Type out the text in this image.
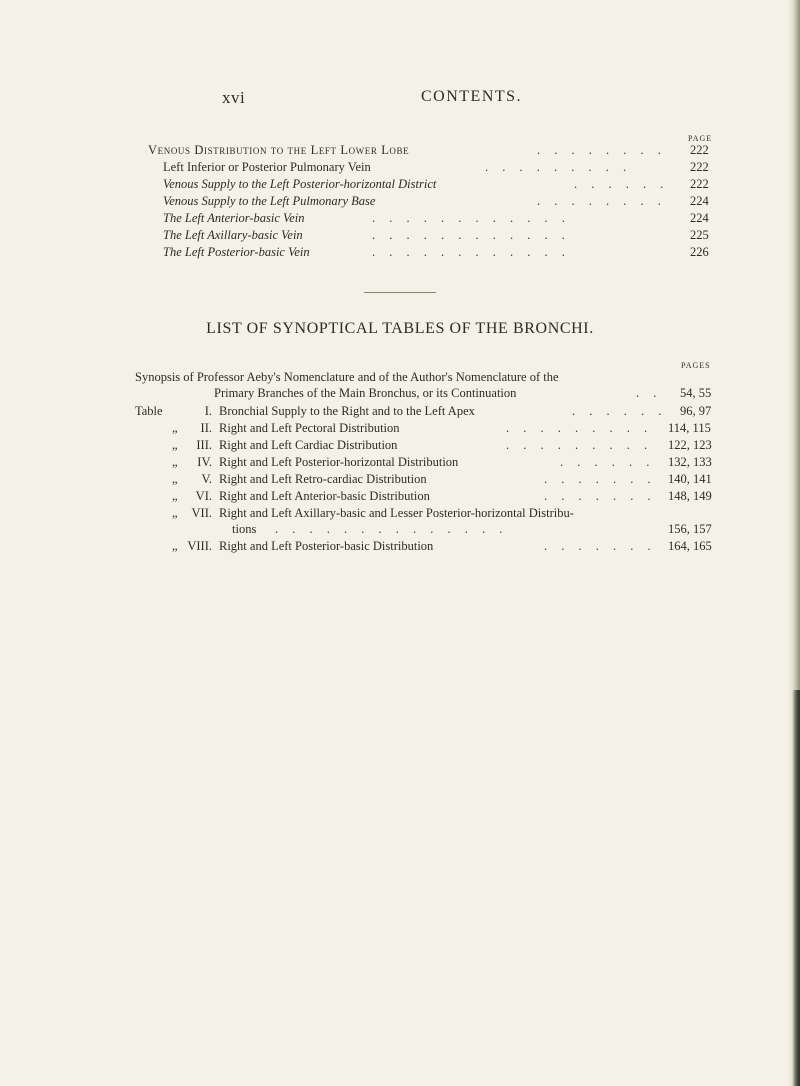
xvi	CONTENTS.
PAGE
Venous Distribution to the Left Lower Lobe	. . . . . . . . 222
Left Inferior or Posterior Pulmonary Vein	. . . . . . . . .	222
Venous Supply to the Left Posterior-horizontal District	. . . . . . 222
Venous Supply to the Left Pulmonary Base	. . . . . . . . 224
The Left Anterior-basic Vein	. . . . . . . . . . . .	224
The Left Axillary-basic Vein	. . . . . . . . . . . .	225
The Left Posterior-basic Vein	. . . . . . . . . . . .	226
LIST OF SYNOPTICAL TABLES OF THE BRONCHI.
PAGES
Synopsis of Professor Aeby's Nomenclature and of the Author's Nomenclature of the
Primary Branches of the Main Bronchus, or its Continuation	. . 54, 55
Table	I. Bronchial Supply to the Right and to the Left Apex	. . . . . . 96, 97
„ II. Right and Left Pectoral Distribution	. . . . . . . . . 114, 115
„ III. Right and Left Cardiac Distribution	. . . . . . . . . 122, 123
„ IV. Right and Left Posterior-horizontal Distribution	. . . . . . 132, 133
„ V. Right and Left Retro-cardiac Distribution	. . . . . . . 140, 141
„ VI. Right and Left Anterior-basic Distribution	. . . . . . . 148, 149
„ VII. Right and Left Axillary-basic and Lesser Posterior-horizontal Distribu-
tions . . . . . . . . . . . . . .	156, 157
„ VIII. Right and Left Posterior-basic Distribution	. . . . . . . 164, 165
